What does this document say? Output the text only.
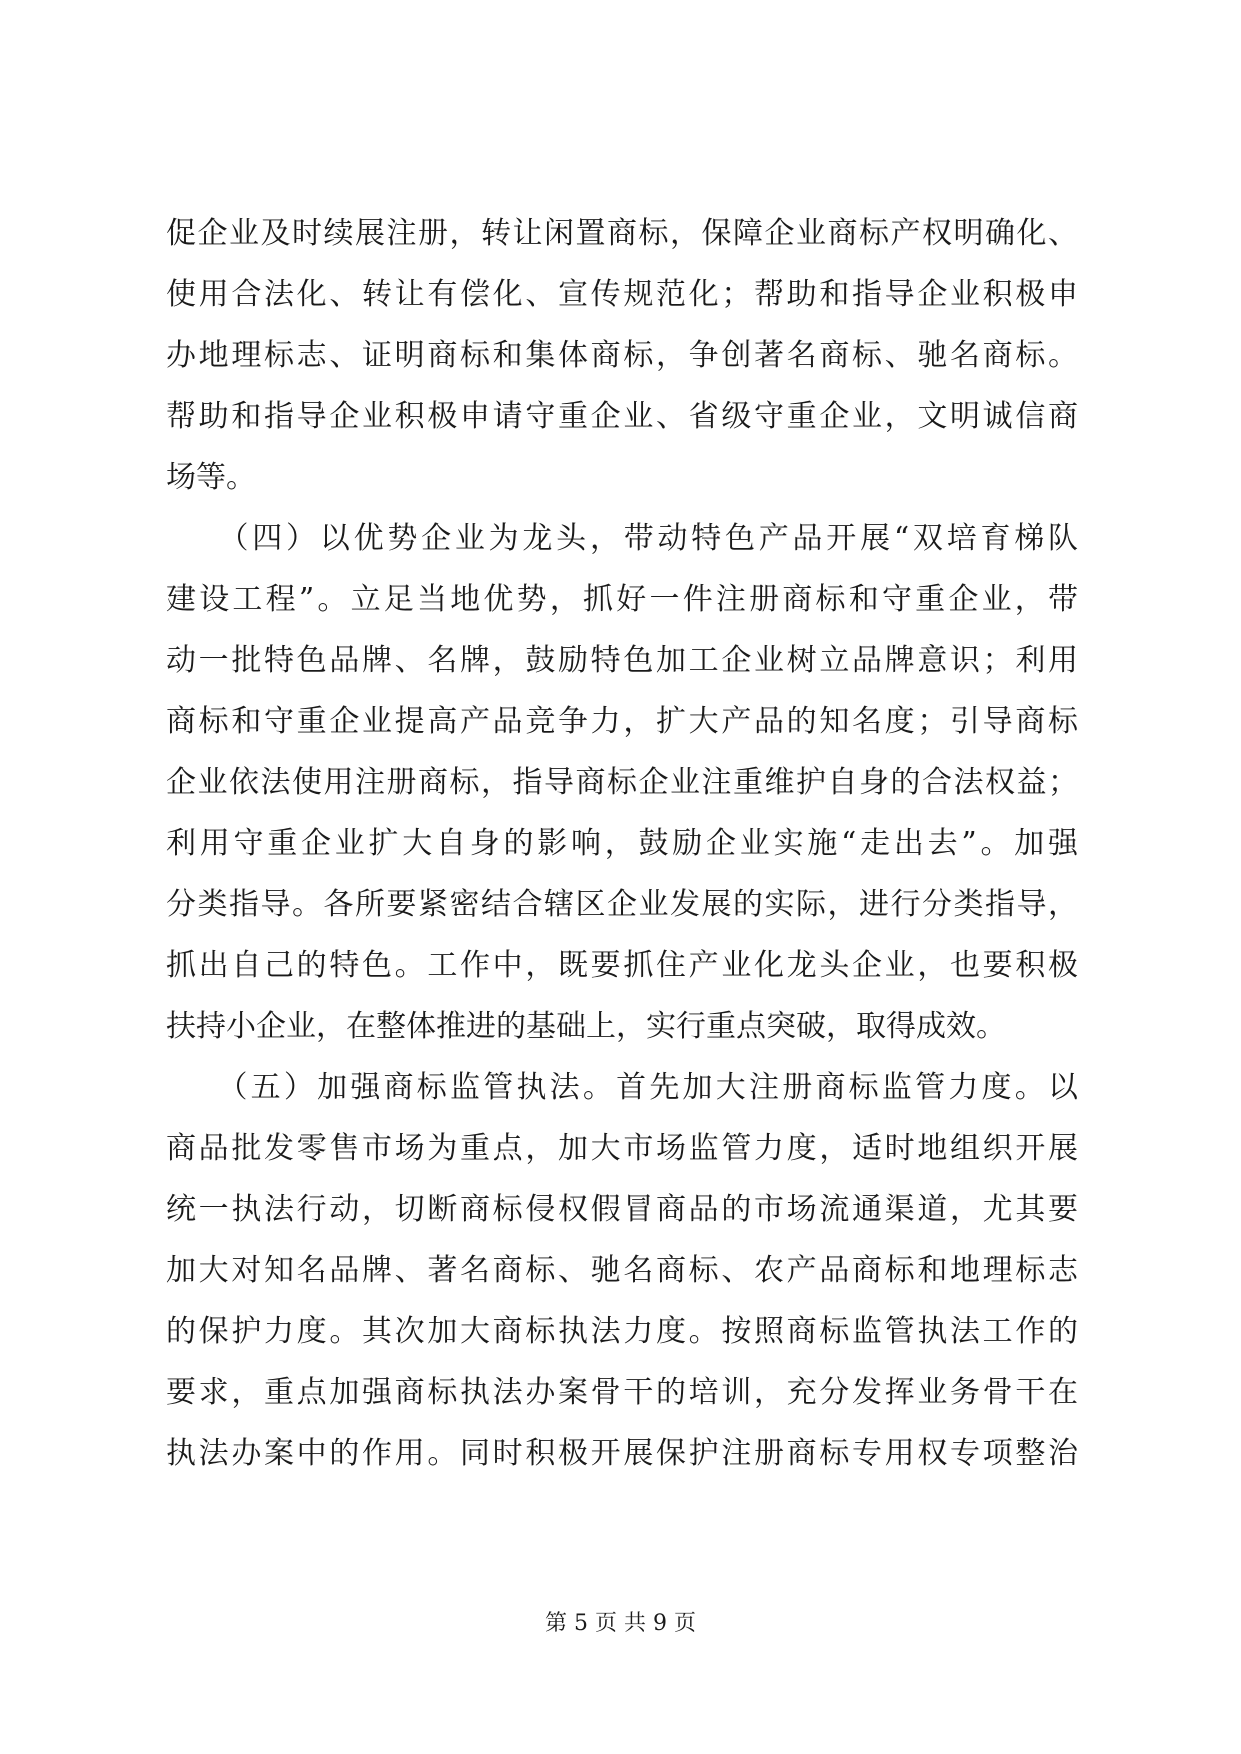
促企业及时续展注册，转让闲置商标，保障企业商标产权明确化、
使用合法化、转让有偿化、宣传规范化；帮助和指导企业积极申
办地理标志、证明商标和集体商标，争创著名商标、驰名商标。
帮助和指导企业积极申请守重企业、省级守重企业，文明诚信商
场等。
　　（四）以优势企业为龙头，带动特色产品开展“双培育梯队
建设工程”。立足当地优势，抓好一件注册商标和守重企业，带
动一批特色品牌、名牌，鼓励特色加工企业树立品牌意识；利用
商标和守重企业提高产品竞争力，扩大产品的知名度；引导商标
企业依法使用注册商标，指导商标企业注重维护自身的合法权益；
利用守重企业扩大自身的影响，鼓励企业实施“走出去”。加强
分类指导。各所要紧密结合辖区企业发展的实际，进行分类指导，
抓出自己的特色。工作中，既要抓住产业化龙头企业，也要积极
扶持小企业，在整体推进的基础上，实行重点突破，取得成效。
　　（五）加强商标监管执法。首先加大注册商标监管力度。以
商品批发零售市场为重点，加大市场监管力度，适时地组织开展
统一执法行动，切断商标侵权假冒商品的市场流通渠道，尤其要
加大对知名品牌、著名商标、驰名商标、农产品商标和地理标志
的保护力度。其次加大商标执法力度。按照商标监管执法工作的
要求，重点加强商标执法办案骨干的培训，充分发挥业务骨干在
执法办案中的作用。同时积极开展保护注册商标专用权专项整治
第 5 页 共 9 页
